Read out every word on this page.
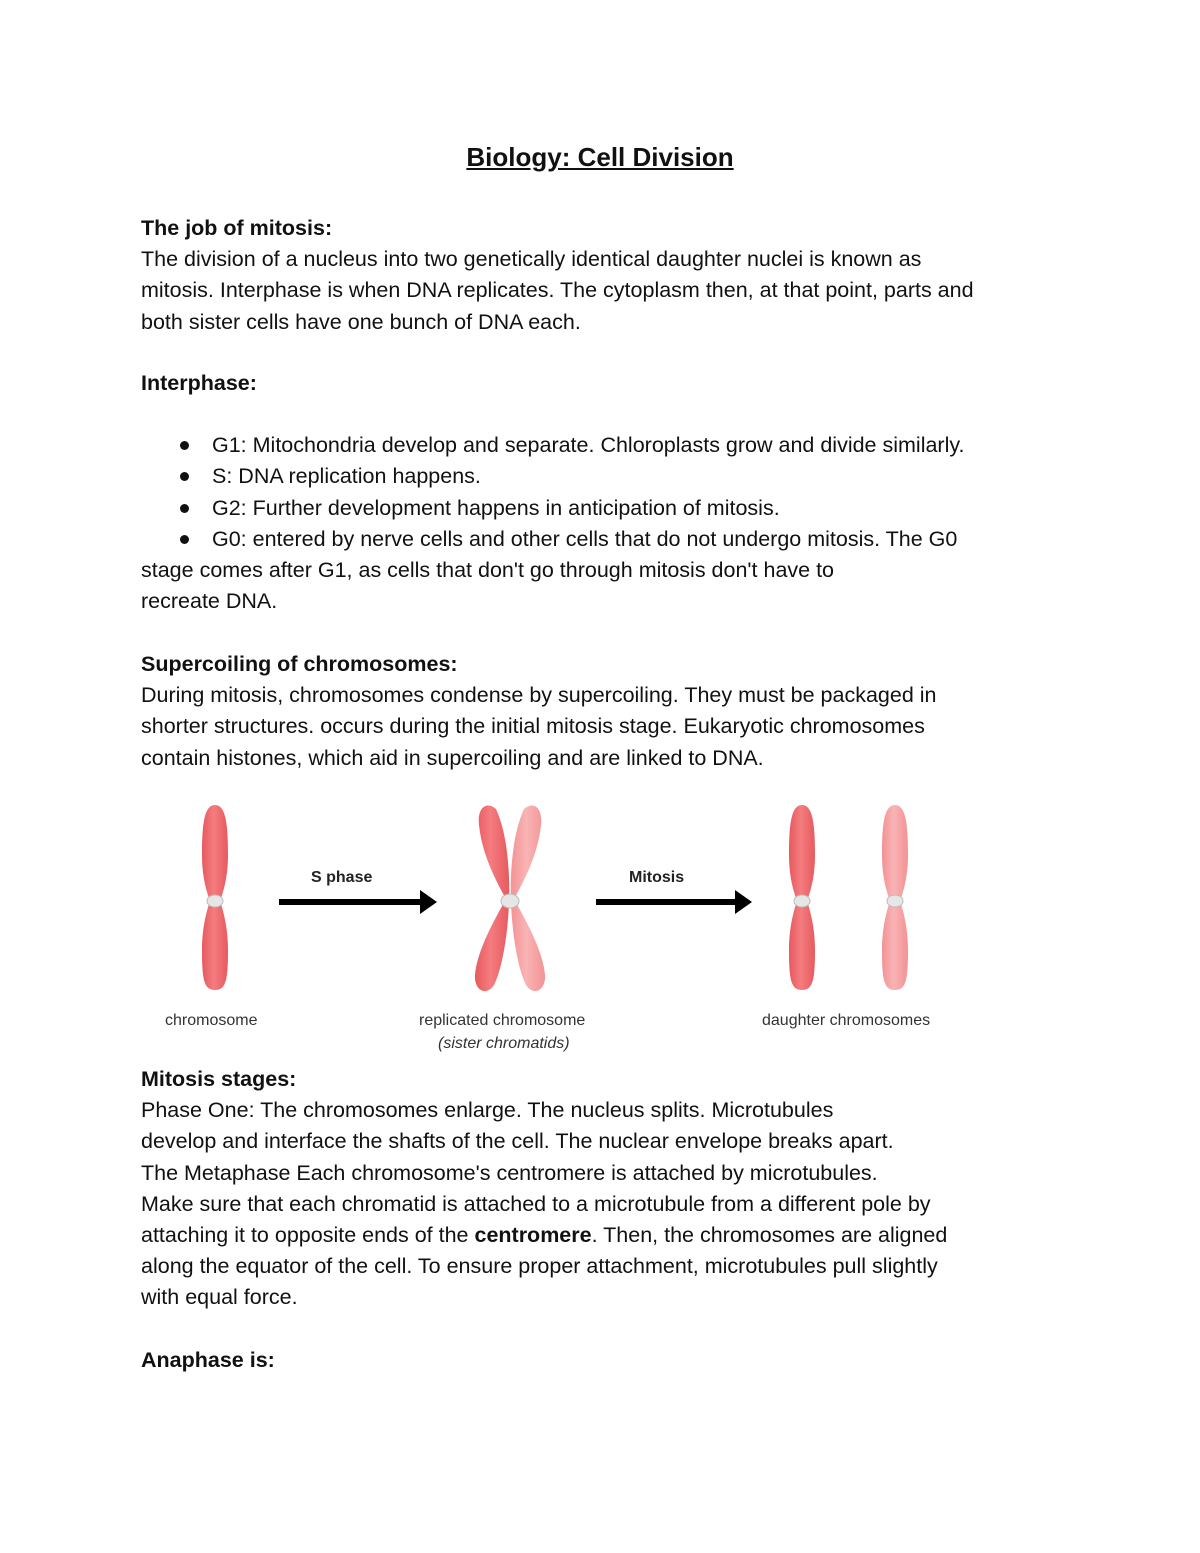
Biology: Cell Division
The job of mitosis:
The division of a nucleus into two genetically identical daughter nuclei is known as
mitosis. Interphase is when DNA replicates. The cytoplasm then, at that point, parts and
both sister cells have one bunch of DNA each.
Interphase:
G1: Mitochondria develop and separate. Chloroplasts grow and divide similarly.
S: DNA replication happens.
G2: Further development happens in anticipation of mitosis.
G0: entered by nerve cells and other cells that do not undergo mitosis. The G0
stage comes after G1, as cells that don't go through mitosis don't have to
recreate DNA.
Supercoiling of chromosomes:
During mitosis, chromosomes condense by supercoiling. They must be packaged in
shorter structures. occurs during the initial mitosis stage. Eukaryotic chromosomes
contain histones, which aid in supercoiling and are linked to DNA.
S phase	Mitosis
chromosome	replicated chromosome
(sister chromatids)
daughter chromosomes
Mitosis stages:
Phase One: The chromosomes enlarge. The nucleus splits. Microtubules
develop and interface the shafts of the cell. The nuclear envelope breaks apart.
The Metaphase Each chromosome's centromere is attached by microtubules.
Make sure that each chromatid is attached to a microtubule from a different pole by
attaching it to opposite ends of the centromere. Then, the chromosomes are aligned
along the equator of the cell. To ensure proper attachment, microtubules pull slightly
with equal force.
Anaphase is:
